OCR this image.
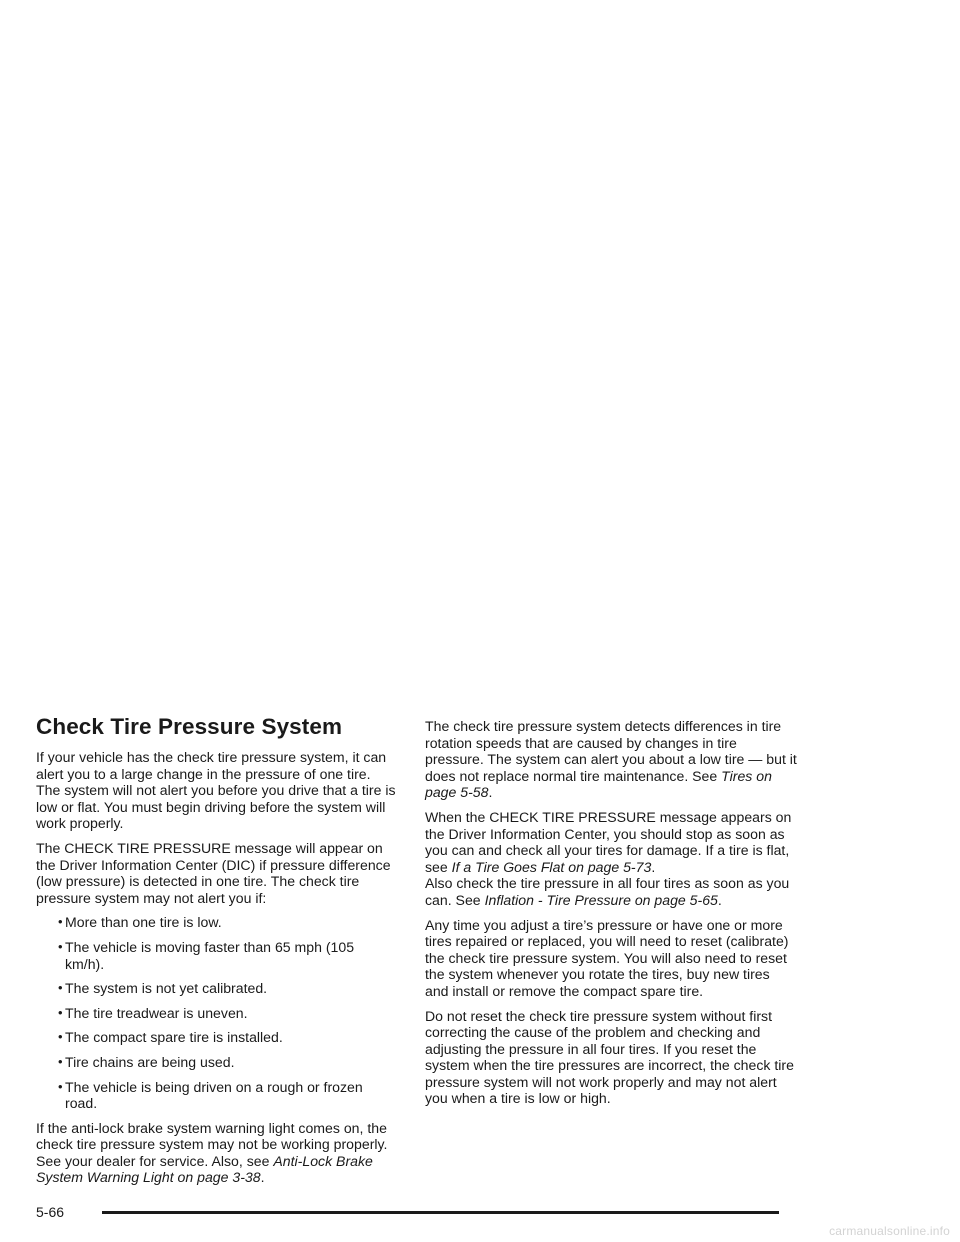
Check Tire Pressure System

If your vehicle has the check tire pressure system, it can alert you to a large change in the pressure of one tire. The system will not alert you before you drive that a tire is low or flat. You must begin driving before the system will work properly.

The CHECK TIRE PRESSURE message will appear on the Driver Information Center (DIC) if pressure difference (low pressure) is detected in one tire. The check tire pressure system may not alert you if:

• More than one tire is low.
• The vehicle is moving faster than 65 mph (105 km/h).
• The system is not yet calibrated.
• The tire treadwear is uneven.
• The compact spare tire is installed.
• Tire chains are being used.
• The vehicle is being driven on a rough or frozen road.

If the anti-lock brake system warning light comes on, the check tire pressure system may not be working properly. See your dealer for service. Also, see Anti-Lock Brake System Warning Light on page 3-38.

The check tire pressure system detects differences in tire rotation speeds that are caused by changes in tire pressure. The system can alert you about a low tire — but it does not replace normal tire maintenance. See Tires on page 5-58.

When the CHECK TIRE PRESSURE message appears on the Driver Information Center, you should stop as soon as you can and check all your tires for damage. If a tire is flat, see If a Tire Goes Flat on page 5-73.
Also check the tire pressure in all four tires as soon as you can. See Inflation - Tire Pressure on page 5-65.

Any time you adjust a tire’s pressure or have one or more tires repaired or replaced, you will need to reset (calibrate) the check tire pressure system. You will also need to reset the system whenever you rotate the tires, buy new tires and install or remove the compact spare tire.

Do not reset the check tire pressure system without first correcting the cause of the problem and checking and adjusting the pressure in all four tires. If you reset the system when the tire pressures are incorrect, the check tire pressure system will not work properly and may not alert you when a tire is low or high.

5-66
carmanualsonline.info
